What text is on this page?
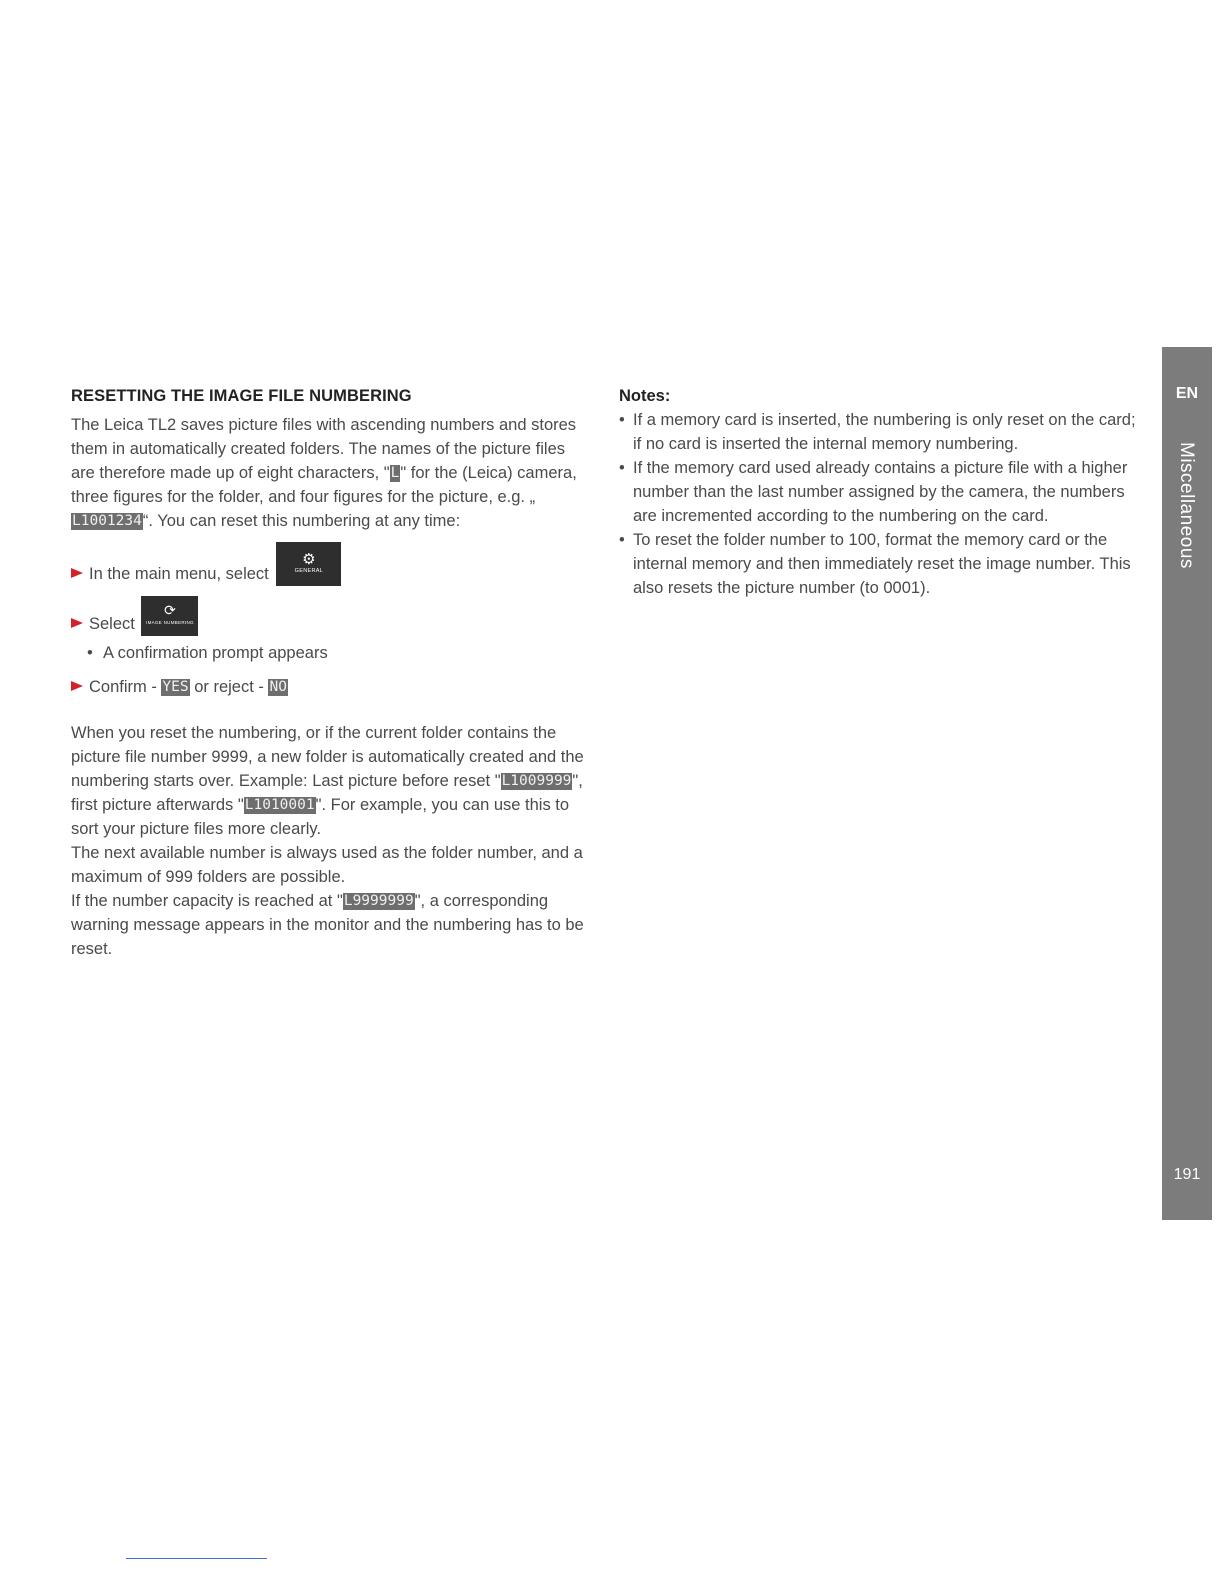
RESETTING THE IMAGE FILE NUMBERING

The Leica TL2 saves picture files with ascending numbers and stores them in automatically created folders. The names of the picture files are therefore made up of eight characters, "L" for the (Leica) camera, three figures for the folder, and four figures for the picture, e.g. „L1001234“. You can reset this numbering at any time:

In the main menu, select
⚙
GENERAL
Select
⟳
IMAGE NUMBERING

• A confirmation prompt appears

Confirm - YES or reject - NO

When you reset the numbering, or if the current folder contains the picture file number 9999, a new folder is automatically created and the numbering starts over. Example: Last picture before reset "L1009999", first picture afterwards "L1010001". For example, you can use this to sort your picture files more clearly.

The next available number is always used as the folder number, and a maximum of 999 folders are possible.

If the number capacity is reached at "L9999999", a corresponding warning message appears in the monitor and the numbering has to be reset.

Notes:
• If a memory card is inserted, the numbering is only reset on the card; if no card is inserted the internal memory numbering.
• If the memory card used already contains a picture file with a higher number than the last number assigned by the camera, the numbers are incremented according to the numbering on the card.
• To reset the folder number to 100, format the memory card or the internal memory and then immediately reset the image number. This also resets the picture number (to 0001).
EN
Miscellaneous
191
